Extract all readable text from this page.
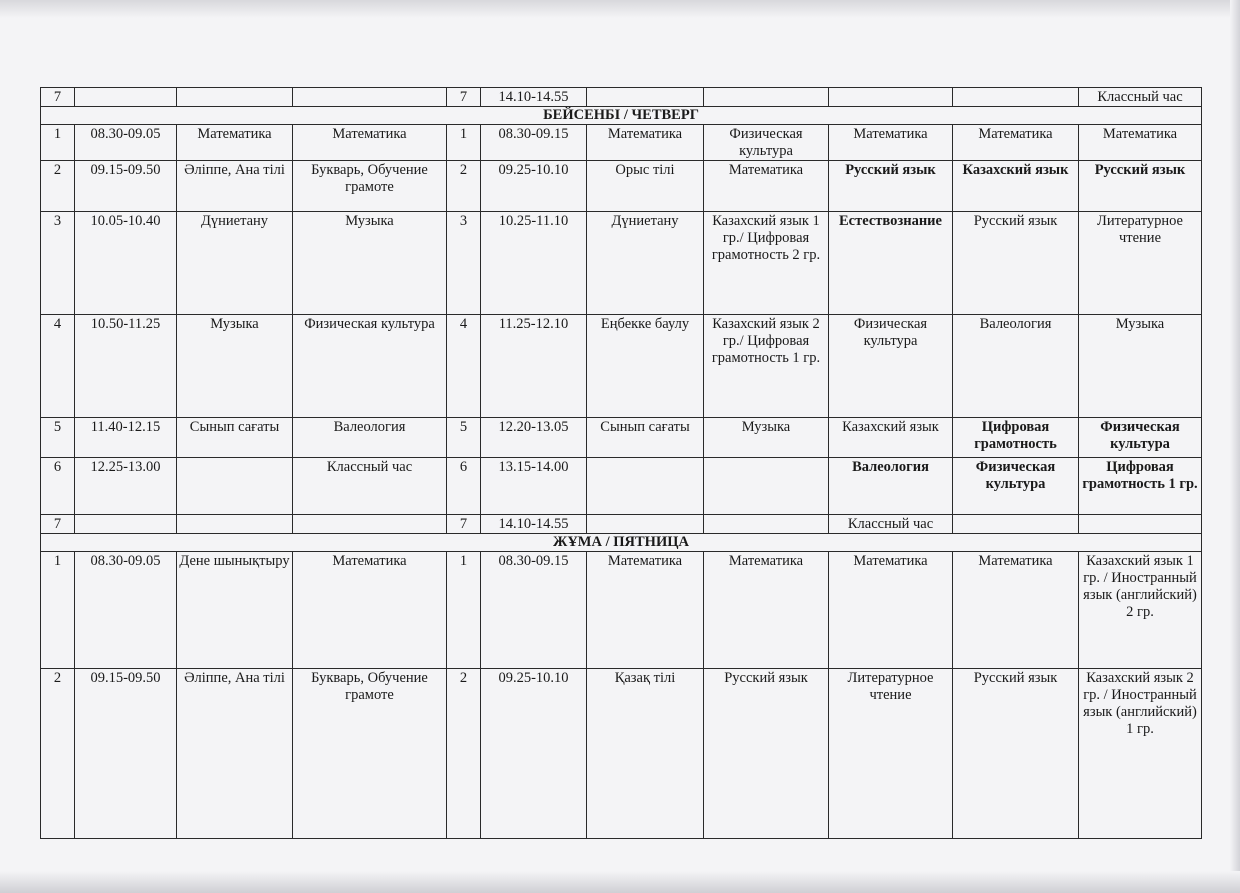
7				7	14.10-14.55					Классный час
БЕЙСЕНБІ / ЧЕТВЕРГ										
1	08.30-09.05	Математика	Математика	1	08.30-09.15	Математика	Физическая культура	Математика	Математика	Математика
2	09.15-09.50	Әліппе, Ана тілі	Букварь, Обучение грамоте	2	09.25-10.10	Орыс тілі	Математика	Русский язык	Казахский язык	Русский язык
3	10.05-10.40	Дүниетану	Музыка	3	10.25-11.10	Дүниетану	Казахский язык 1 гр./ Цифровая грамотность 2 гр.	Естествознание	Русский язык	Литературное чтение
4	10.50-11.25	Музыка	Физическая культура	4	11.25-12.10	Еңбекке баулу	Казахский язык 2 гр./ Цифровая грамотность 1 гр.	Физическая культура	Валеология	Музыка
5	11.40-12.15	Сынып сағаты	Валеология	5	12.20-13.05	Сынып сағаты	Музыка	Казахский язык	Цифровая грамотность	Физическая культура
6	12.25-13.00		Классный час	6	13.15-14.00			Валеология	Физическая культура	Цифровая грамотность 1 гр.
7				7	14.10-14.55			Классный час		
ЖҰМА / ПЯТНИЦА										
1	08.30-09.05	Дене шынықтыру	Математика	1	08.30-09.15	Математика	Математика	Математика	Математика	Казахский язык 1 гр. / Иностранный язык (английский) 2 гр.
2	09.15-09.50	Әліппе, Ана тілі	Букварь, Обучение грамоте	2	09.25-10.10	Қазақ тілі	Русский язык	Литературное чтение	Русский язык	Казахский язык 2 гр. / Иностранный язык (английский) 1 гр.
